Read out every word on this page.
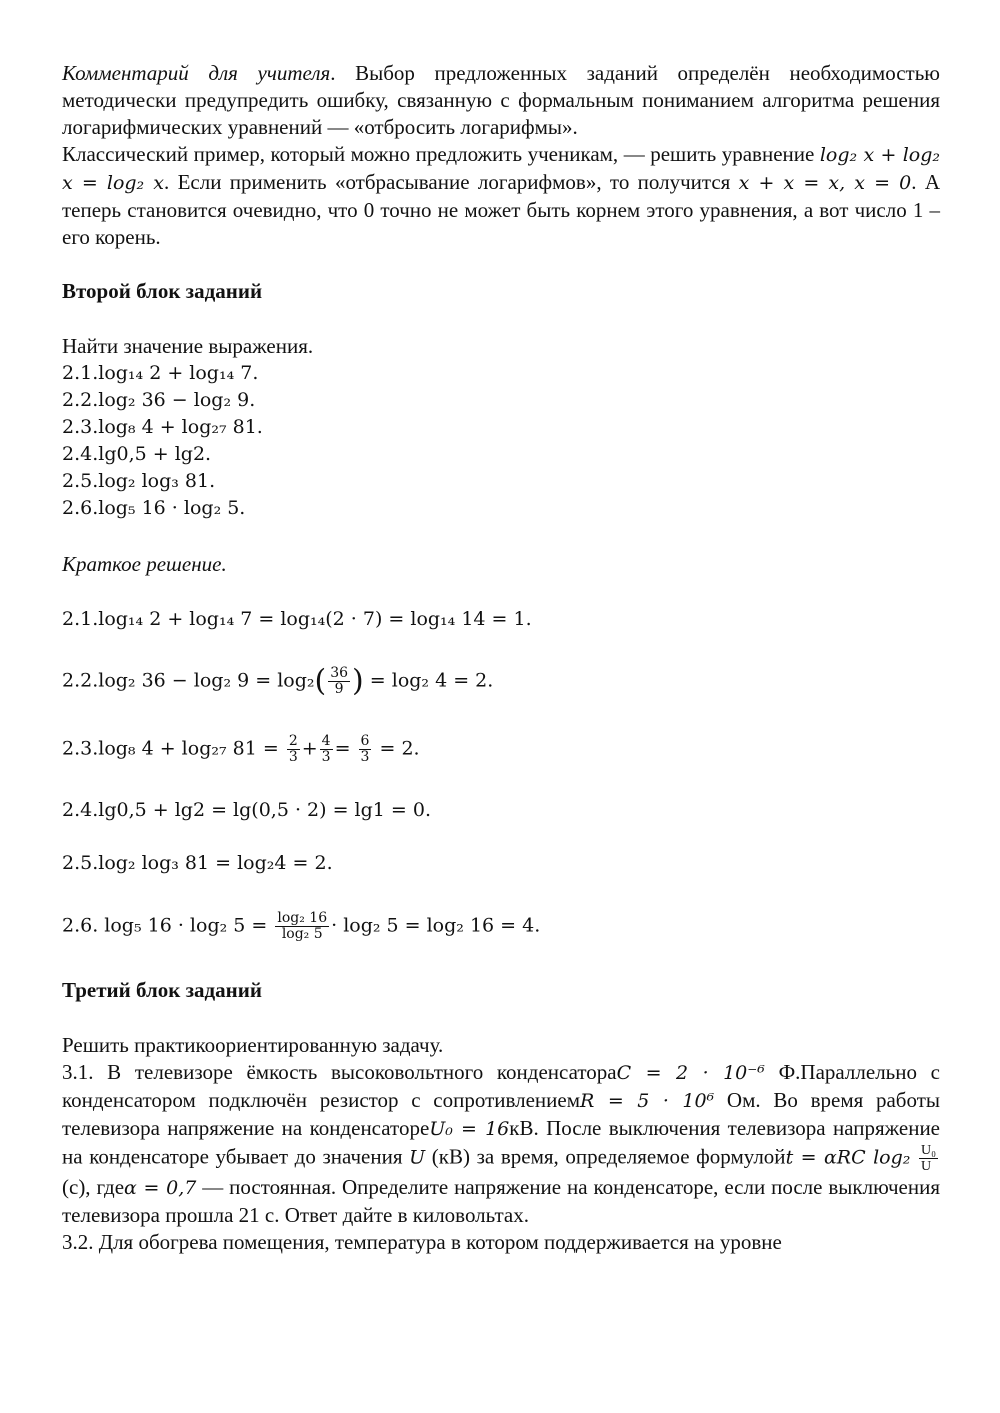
Комментарий для учителя. Выбор предложенных заданий определён необходимостью методически предупредить ошибку, связанную с формальным пониманием алгоритма решения логарифмических уравнений — «отбросить логарифмы».
Классический пример, который можно предложить ученикам, — решить уравнение log₂ x + log₂ x = log₂ x. Если применить «отбрасывание логарифмов», то получится x + x = x, x = 0. А теперь становится очевидно, что 0 точно не может быть корнем этого уравнения, а вот число 1 – его корень.

Второй блок заданий

Найти значение выражения.
2.1.log₁₄ 2 + log₁₄ 7.
2.2.log₂ 36 − log₂ 9.
2.3.log₈ 4 + log₂₇ 81.
2.4.lg0,5 + lg2.
2.5.log₂ log₃ 81.
2.6.log₅ 16 · log₂ 5.

Краткое решение.

2.1.log₁₄ 2 + log₁₄ 7 = log₁₄(2 · 7) = log₁₄ 14 = 1.
2.2.log₂ 36 − log₂ $9 = \log_2( \frac{36}{9}$ ) = log₂ 4 = 2.
2.3.log₈ 4 + log₂₇ $81 = \frac{2}{3} + \frac{4}{3} = \frac{6}{3} = 2$.
2.4.lg0,5 + lg2 = lg(0,5 · 2) = lg1 = 0.
2.5.log₂ log₃ 81 = log₂4 = 2.
2.6. log₅ 16 · log₂ $5 = \frac{\text{log₂ 16}}{\text{log₂ 5}} \cdot \log_2$ 5 = log₂ 16 = 4.

Третий блок заданий

Решить практикоориентированную задачу.
3.1. В телевизоре ёмкость высоковольтного конденсатораC = 2 · 10⁻⁶ Ф.Параллельно с конденсатором подключён резистор с сопротивлениемR = 5 · 10⁶ Ом. Во время работы телевизора напряжение на конденсатореU₀ = 16кВ. После выключения телевизора напряжение на конденсаторе убывает до значения U (кВ) за время, определяемое формулойt = αRC $\log_2 \frac{\text{U₀}}{U}$
(с), гдеα = 0,7 — постоянная. Определите напряжение на конденсаторе, если после выключения телевизора прошла 21 с. Ответ дайте в киловольтах.
3.2. Для обогрева помещения, температура в котором поддерживается на уровне
